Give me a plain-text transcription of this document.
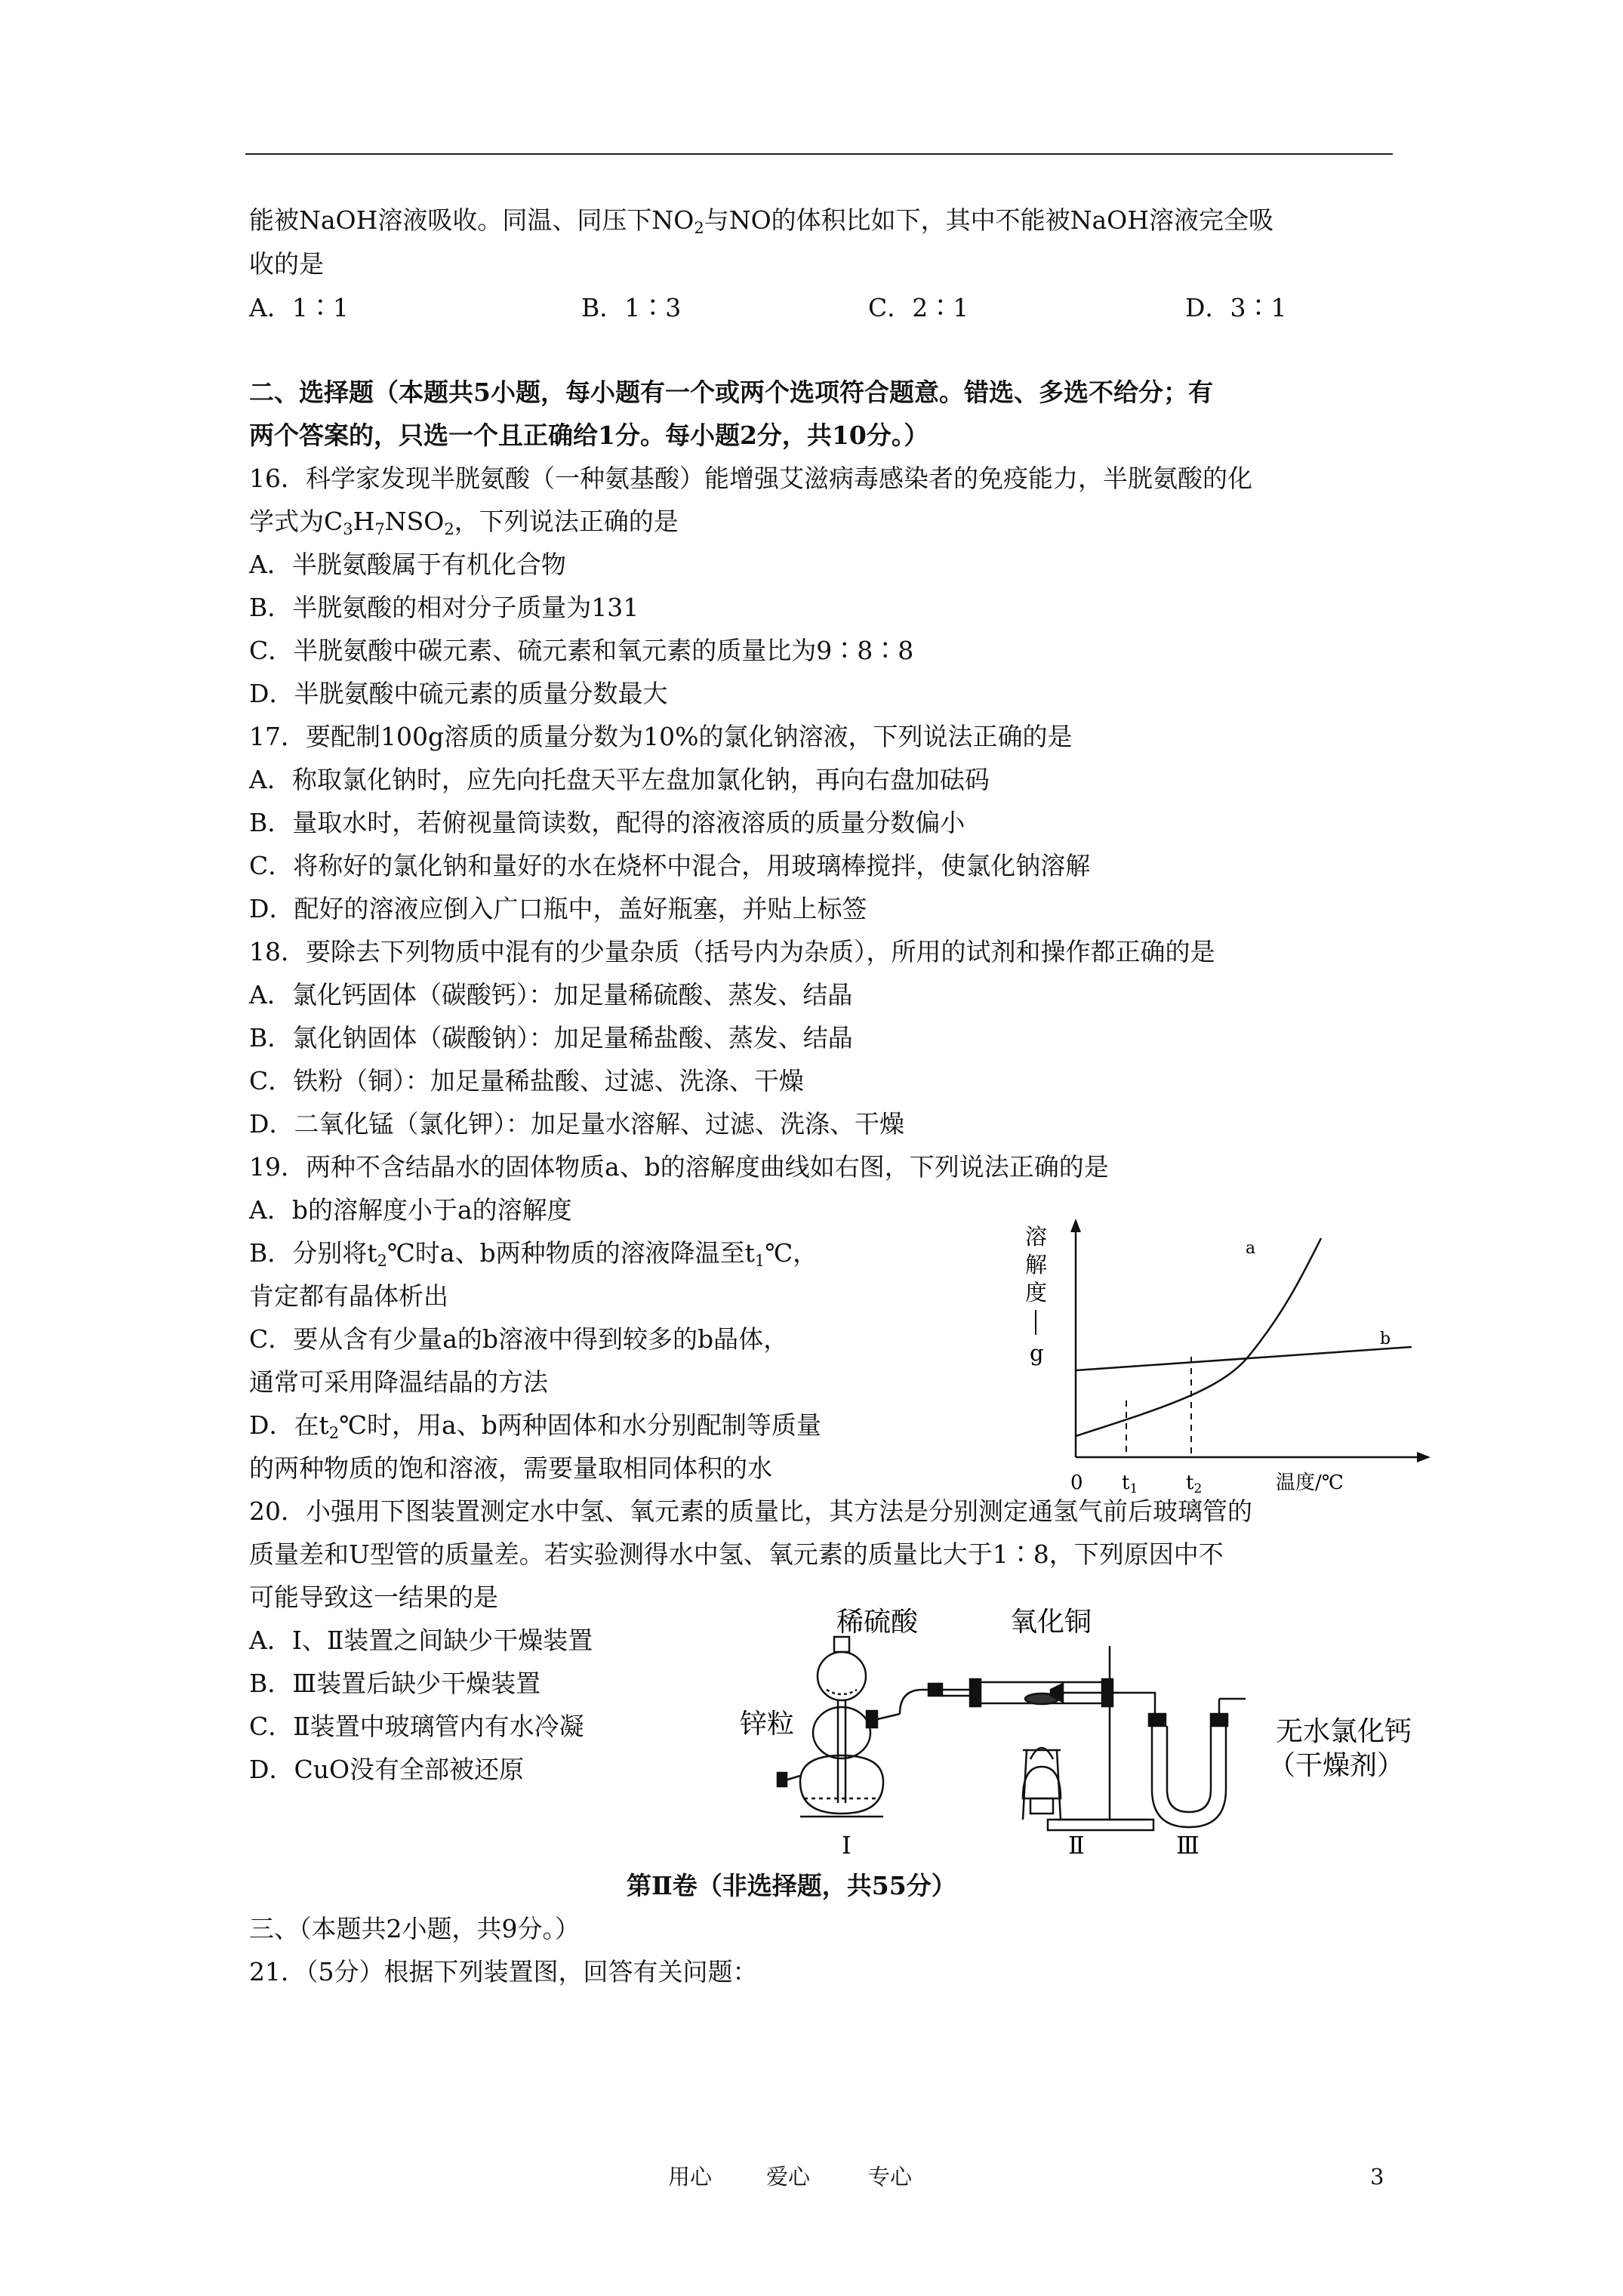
能被NaOH溶液吸收。同温、同压下$NO_2$与NO的体积比如下，其中不能被NaOH溶液完全吸
收的是
A．1∶1	B．1∶3	C．2∶1	D．3∶1
二、选择题（本题共5小题，每小题有一个或两个选项符合题意。错选、多选不给分；有
两个答案的，只选一个且正确给1分。每小题2分，共10分。）
16．科学家发现半胱氨酸（一种氨基酸）能增强艾滋病毒感染者的免疫能力，半胱氨酸的化
学式为$C_3H_7NSO_2$，下列说法正确的是
A．半胱氨酸属于有机化合物
B．半胱氨酸的相对分子质量为131
C．半胱氨酸中碳元素、硫元素和氧元素的质量比为9∶8∶8
D．半胱氨酸中硫元素的质量分数最大
17．要配制100g溶质的质量分数为10%的氯化钠溶液，下列说法正确的是
A．称取氯化钠时，应先向托盘天平左盘加氯化钠，再向右盘加砝码
B．量取水时，若俯视量筒读数，配得的溶液溶质的质量分数偏小
C．将称好的氯化钠和量好的水在烧杯中混合，用玻璃棒搅拌，使氯化钠溶解
D．配好的溶液应倒入广口瓶中，盖好瓶塞，并贴上标签
18．要除去下列物质中混有的少量杂质（括号内为杂质），所用的试剂和操作都正确的是
A．氯化钙固体（碳酸钙）：加足量稀硫酸、蒸发、结晶
B．氯化钠固体（碳酸钠）：加足量稀盐酸、蒸发、结晶
C．铁粉（铜）：加足量稀盐酸、过滤、洗涤、干燥
D．二氧化锰（氯化钾）：加足量水溶解、过滤、洗涤、干燥
19．两种不含结晶水的固体物质a、b的溶解度曲线如右图，下列说法正确的是
A．b的溶解度小于a的溶解度
B．分别将$t_2℃$时a、b两种物质的溶液降温至$t_1℃$，
肯定都有晶体析出
C．要从含有少量a的b溶液中得到较多的b晶体，
通常可采用降温结晶的方法
D．在$t_2℃$时，用a、b两种固体和水分别配制等质量
的两种物质的饱和溶液，需要量取相同体积的水
溶
解
度
g
a
b
0 t1 t2	温度/℃
20．小强用下图装置测定水中氢、氧元素的质量比，其方法是分别测定通氢气前后玻璃管的
质量差和U型管的质量差。若实验测得水中氢、氧元素的质量比大于1∶8，下列原因中不
可能导致这一结果的是
A．Ⅰ、Ⅱ装置之间缺少干燥装置
B．Ⅲ装置后缺少干燥装置
C．Ⅱ装置中玻璃管内有水冷凝
D．CuO没有全部被还原
稀硫酸	氧化铜
锌粒	无水氯化钙
（干燥剂）
Ⅰ	Ⅱ	Ⅲ
第Ⅱ卷（非选择题，共55分）
三、（本题共2小题，共9分。）
21．（5分）根据下列装置图，回答有关问题：
用心 爱心	专心	3
